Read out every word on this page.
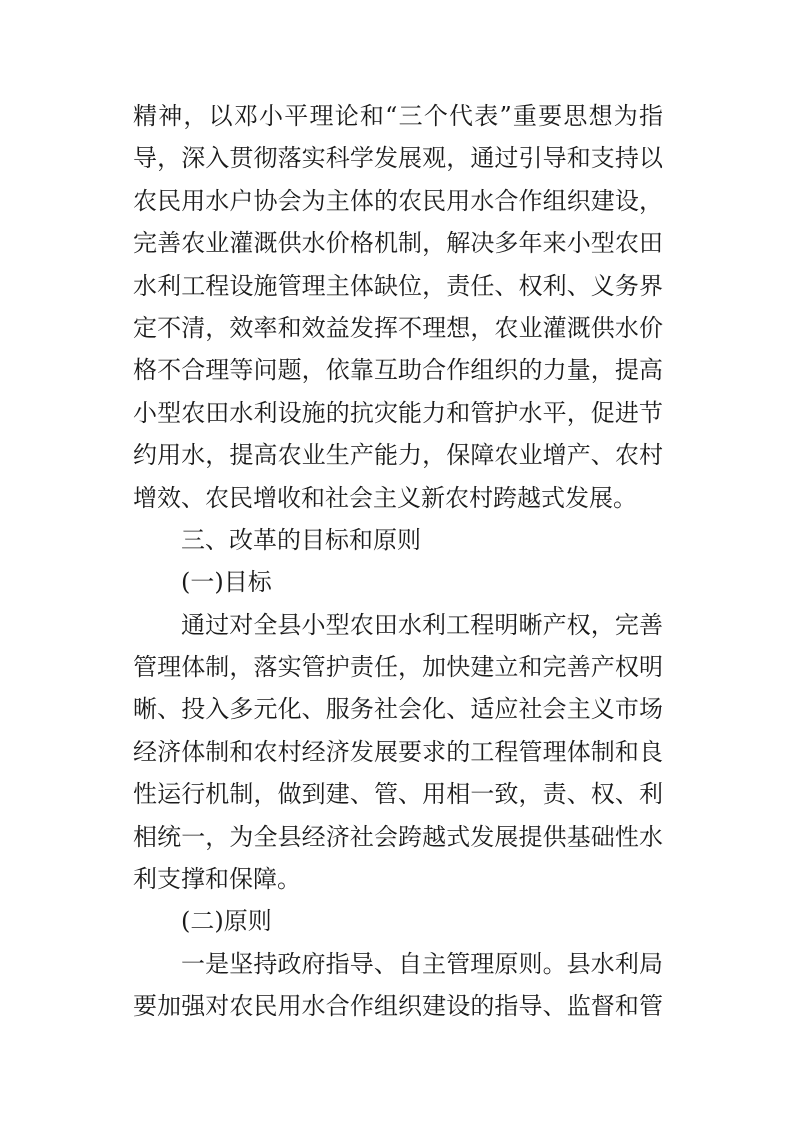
精神，以邓小平理论和“三个代表”重要思想为指
导，深入贯彻落实科学发展观，通过引导和支持以
农民用水户协会为主体的农民用水合作组织建设，
完善农业灌溉供水价格机制，解决多年来小型农田
水利工程设施管理主体缺位，责任、权利、义务界
定不清，效率和效益发挥不理想，农业灌溉供水价
格不合理等问题，依靠互助合作组织的力量，提高
小型农田水利设施的抗灾能力和管护水平，促进节
约用水，提高农业生产能力，保障农业增产、农村
增效、农民增收和社会主义新农村跨越式发展。
三、改革的目标和原则
(一)目标
通过对全县小型农田水利工程明晰产权，完善
管理体制，落实管护责任，加快建立和完善产权明
晰、投入多元化、服务社会化、适应社会主义市场
经济体制和农村经济发展要求的工程管理体制和良
性运行机制，做到建、管、用相一致，责、权、利
相统一，为全县经济社会跨越式发展提供基础性水
利支撑和保障。
(二)原则
一是坚持政府指导、自主管理原则。县水利局
要加强对农民用水合作组织建设的指导、监督和管
